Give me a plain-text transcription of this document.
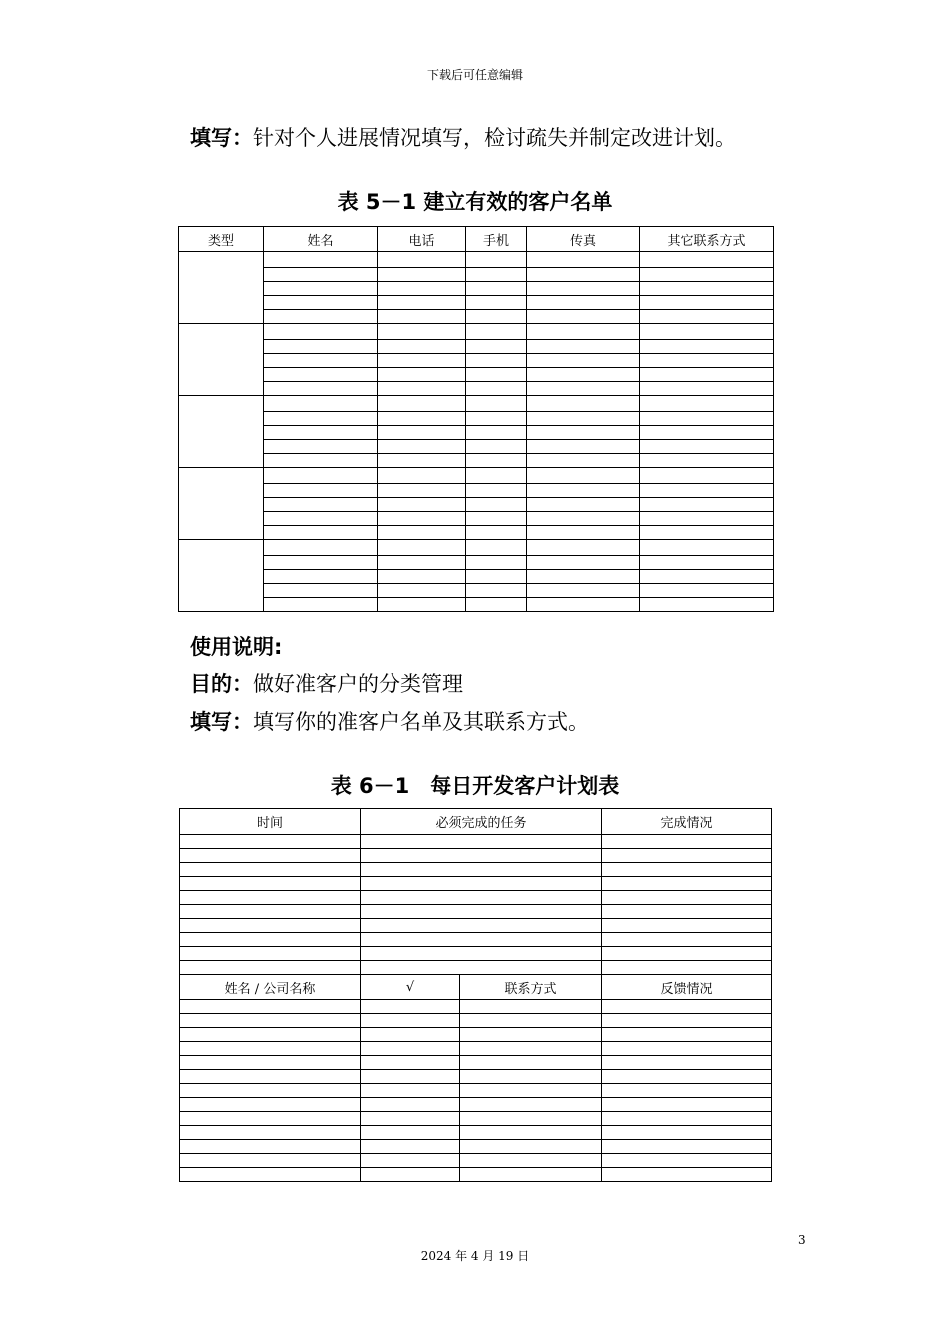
下载后可任意编辑
填写：针对个人进展情况填写，检讨疏失并制定改进计划。
表 5－1 建立有效的客户名单
类型	姓名	电话	手机	传真	其它联系方式

使用说明:
目的：做好准客户的分类管理
填写：填写你的准客户名单及其联系方式。
表 6－1　每日开发客户计划表
时间	必须完成的任务		完成情况

姓名 / 公司名称	√	联系方式	反馈情况

3
2024 年 4 月 19 日
